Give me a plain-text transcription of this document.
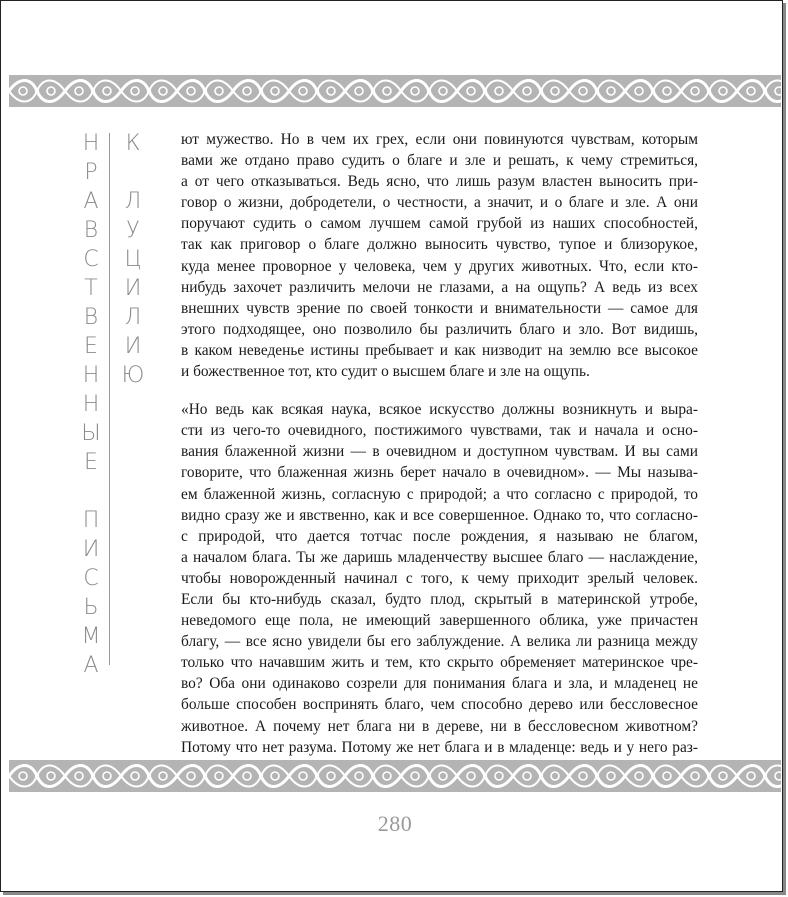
Н
Р
А
В
С
Т
В
Е
Н
Н
Ы
Е
П
И
С
Ь
М
А
К
Л
У
Ц
И
Л
И
Ю
ют мужество. Но в чем их грех, если они повинуются чувствам, которым
вами же отдано право судить о благе и зле и решать, к чему стремиться,
а от чего отказываться. Ведь ясно, что лишь разум властен выносить при-
говор о жизни, добродетели, о честности, а значит, и о благе и зле. А они
поручают судить о самом лучшем самой грубой из наших способностей,
так как приговор о благе должно выносить чувство, тупое и близорукое,
куда менее проворное у человека, чем у других животных. Что, если кто-
нибудь захочет различить мелочи не глазами, а на ощупь? А ведь из всех
внешних чувств зрение по своей тонкости и внимательности — самое для
этого подходящее, оно позволило бы различить благо и зло. Вот видишь,
в каком неведенье истины пребывает и как низводит на землю все высокое
и божественное тот, кто судит о высшем благе и зле на ощупь.
«Но ведь как всякая наука, всякое искусство должны возникнуть и выра-
сти из чего-то очевидного, постижимого чувствами, так и начала и осно-
вания блаженной жизни — в очевидном и доступном чувствам. И вы сами
говорите, что блаженная жизнь берет начало в очевидном». — Мы называ-
ем блаженной жизнь, согласную с природой; а что согласно с природой, то
видно сразу же и явственно, как и все совершенное. Однако то, что согласно-
с природой, что дается тотчас после рождения, я называю не благом,
а началом блага. Ты же даришь младенчеству высшее благо — наслаждение,
чтобы новорожденный начинал с того, к чему приходит зрелый человек.
Если бы кто-нибудь сказал, будто плод, скрытый в материнской утробе,
неведомого еще пола, не имеющий завершенного облика, уже причастен
благу, — все ясно увидели бы его заблуждение. А велика ли разница между
только что начавшим жить и тем, кто скрыто обременяет материнское чре-
во? Оба они одинаково созрели для понимания блага и зла, и младенец не
больше способен воспринять благо, чем способно дерево или бессловесное
животное. А почему нет блага ни в дереве, ни в бессловесном животном?
Потому что нет разума. Потому же нет блага и в младенце: ведь и у него раз-
280
